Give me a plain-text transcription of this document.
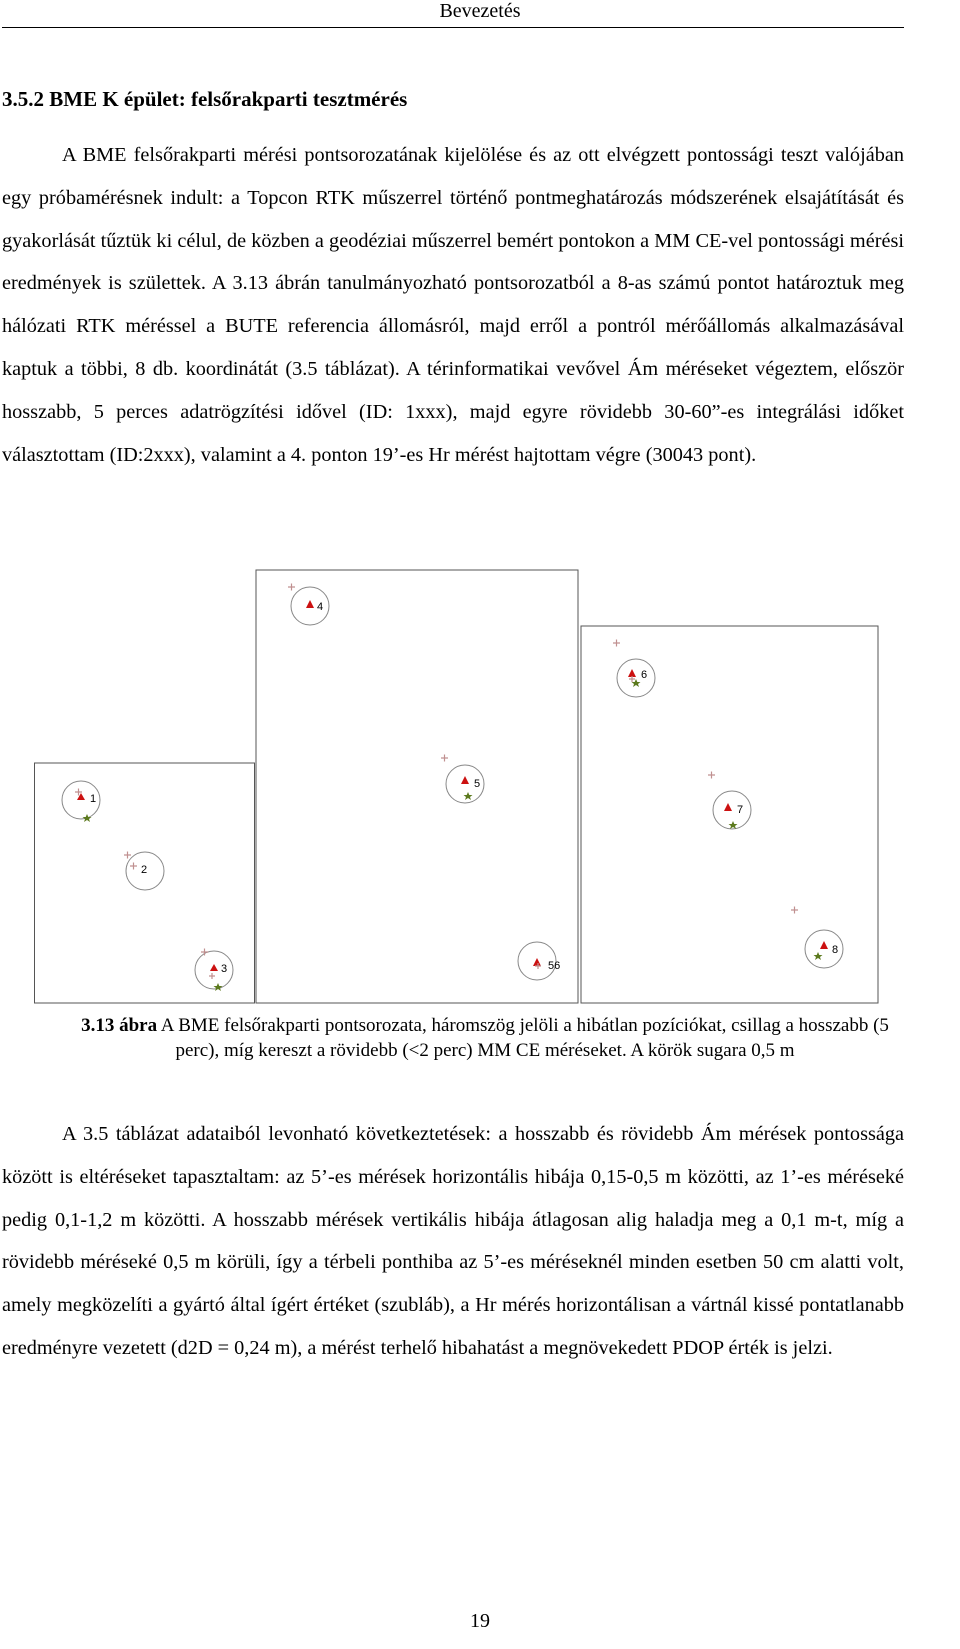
Bevezetés
3.5.2 BME K épület: felsőrakparti tesztmérés

A BME felsőrakparti mérési pontsorozatának kijelölése és az ott elvégzett pontossági teszt valójában egy próbamérésnek indult: a Topcon RTK műszerrel történő pontmeghatározás módszerének elsajátítását és gyakorlását tűztük ki célul, de közben a geodéziai műszerrel bemért pontokon a MM CE-vel pontossági mérési eredmények is születtek. A 3.13 ábrán tanulmányozható pontsorozatból a 8-as számú pontot határoztuk meg hálózati RTK méréssel a BUTE referencia állomásról, majd erről a pontról mérőállomás alkalmazásával kaptuk a többi, 8 db. koordinátát (3.5 táblázat). A térinformatikai vevővel Ám méréseket végeztem, először hosszabb, 5 perces adatrögzítési idővel (ID: 1xxx), majd egyre rövidebb 30-60”-es integrálási időket választottam (ID:2xxx), valamint a 4. ponton 19’-es Hr mérést hajtottam végre (30043 pont).

1
2
3
4
5
56
6
7
8

3.13 ábra A BME felsőrakparti pontsorozata, háromszög jelöli a hibátlan pozíciókat, csillag a hosszabb (5 perc), míg kereszt a rövidebb (<2 perc) MM CE méréseket. A körök sugara 0,5 m

A 3.5 táblázat adataiból levonható következtetések: a hosszabb és rövidebb Ám mérések pontossága között is eltéréseket tapasztaltam: az 5’-es mérések horizontális hibája 0,15-0,5 m közötti, az 1’-es méréseké pedig 0,1-1,2 m közötti. A hosszabb mérések vertikális hibája átlagosan alig haladja meg a 0,1 m-t, míg a rövidebb méréseké 0,5 m körüli, így a térbeli ponthiba az 5’-es méréseknél minden esetben 50 cm alatti volt, amely megközelíti a gyártó által ígért értéket (szubláb), a Hr mérés horizontálisan a vártnál kissé pontatlanabb eredményre vezetett (d2D = 0,24 m), a mérést terhelő hibahatást a megnövekedett PDOP érték is jelzi.

19
